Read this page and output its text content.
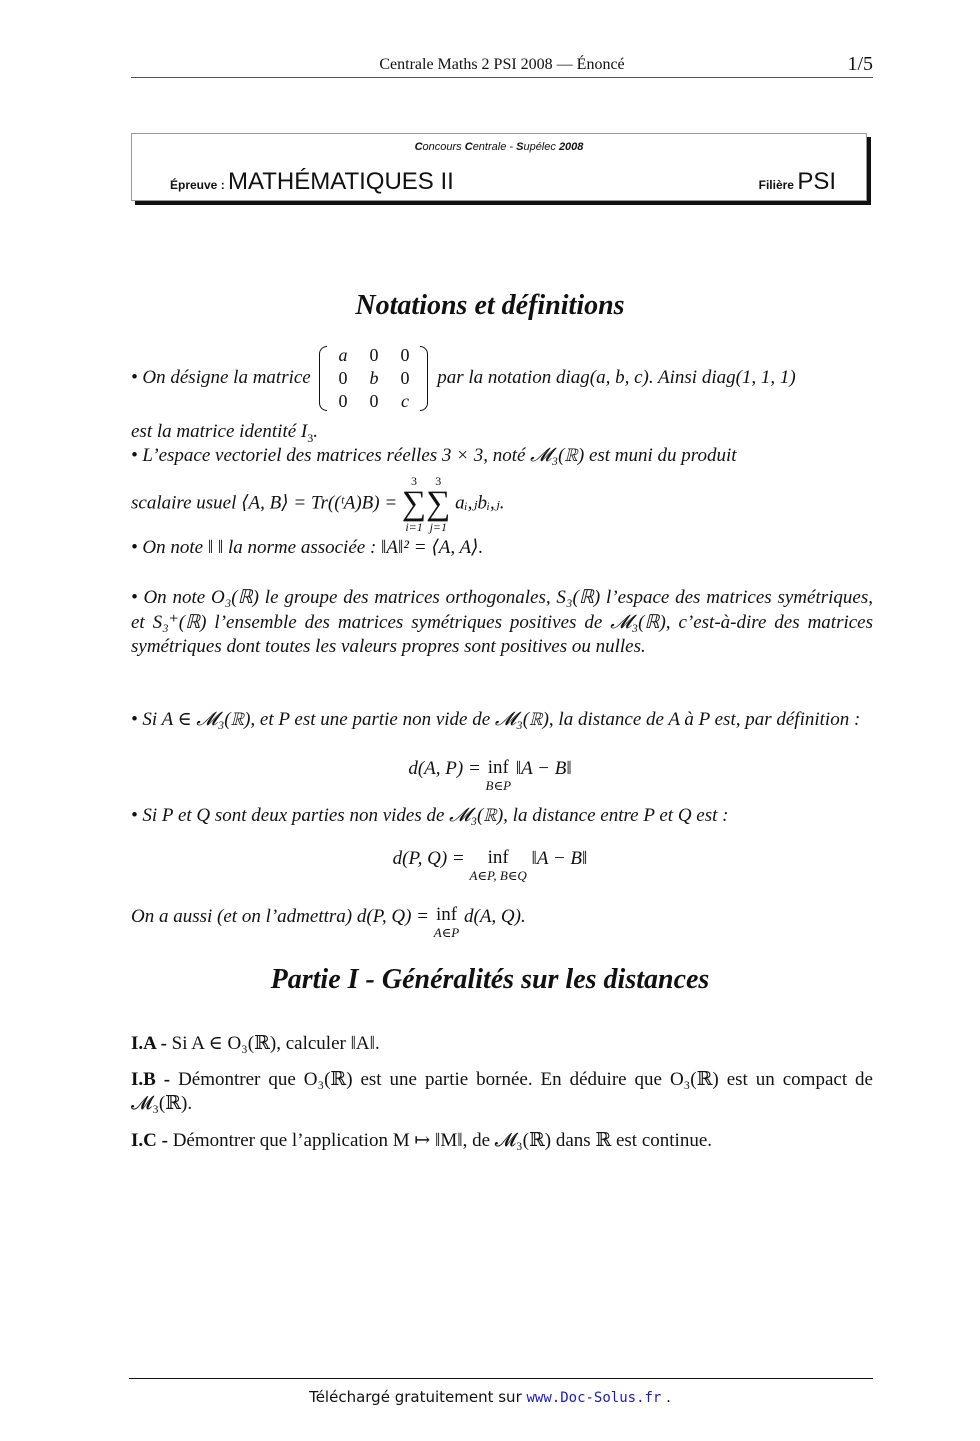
Centrale Maths 2 PSI 2008 — Énoncé	1/5
Concours Centrale - Supélec 2008
Épreuve : MATHÉMATIQUES II	Filière PSI
Notations et définitions
• On désigne la matrice
a 0 0
0 b 0
0 0 c
par la notation diag(a, b, c). Ainsi diag(1, 1, 1)
est la matrice identité $I_3$.
• L’espace vectoriel des matrices réelles 3 × 3, noté 𝓜₃(ℝ) est muni du produit
scalaire usuel ⟨A, B⟩ = Tr((ᵗA)B) =
3
∑
i=1
3
∑
j=1
aᵢ,ⱼbᵢ,ⱼ.
• On note ‖ ‖ la norme associée : ‖A‖² = ⟨A, A⟩.
• On note O₃(ℝ) le groupe des matrices orthogonales, S₃(ℝ) l’espace des matrices symétriques, et S₃⁺(ℝ) l’ensemble des matrices symétriques positives de 𝓜₃(ℝ), c’est-à-dire des matrices symétriques dont toutes les valeurs propres sont positives ou nulles.
• Si A ∈ 𝓜₃(ℝ), et P est une partie non vide de 𝓜₃(ℝ), la distance de A à P est, par définition :
d(A, P) = inf
B∈P
‖A − B‖
• Si P et Q sont deux parties non vides de 𝓜₃(ℝ), la distance entre P et Q est :
d(P, Q) = inf
A∈P, B∈Q
‖A − B‖
On a aussi (et on l’admettra) d(P, Q) = inf
A∈P
d(A, Q).
Partie I - Généralités sur les distances
I.A - Si A ∈ O₃(ℝ), calculer ‖A‖.
I.B - Démontrer que O₃(ℝ) est une partie bornée. En déduire que O₃(ℝ) est un compact de 𝓜₃(ℝ).
I.C - Démontrer que l’application M ↦ ‖M‖, de 𝓜₃(ℝ) dans ℝ est continue.
Téléchargé gratuitement sur www.Doc-Solus.fr .
